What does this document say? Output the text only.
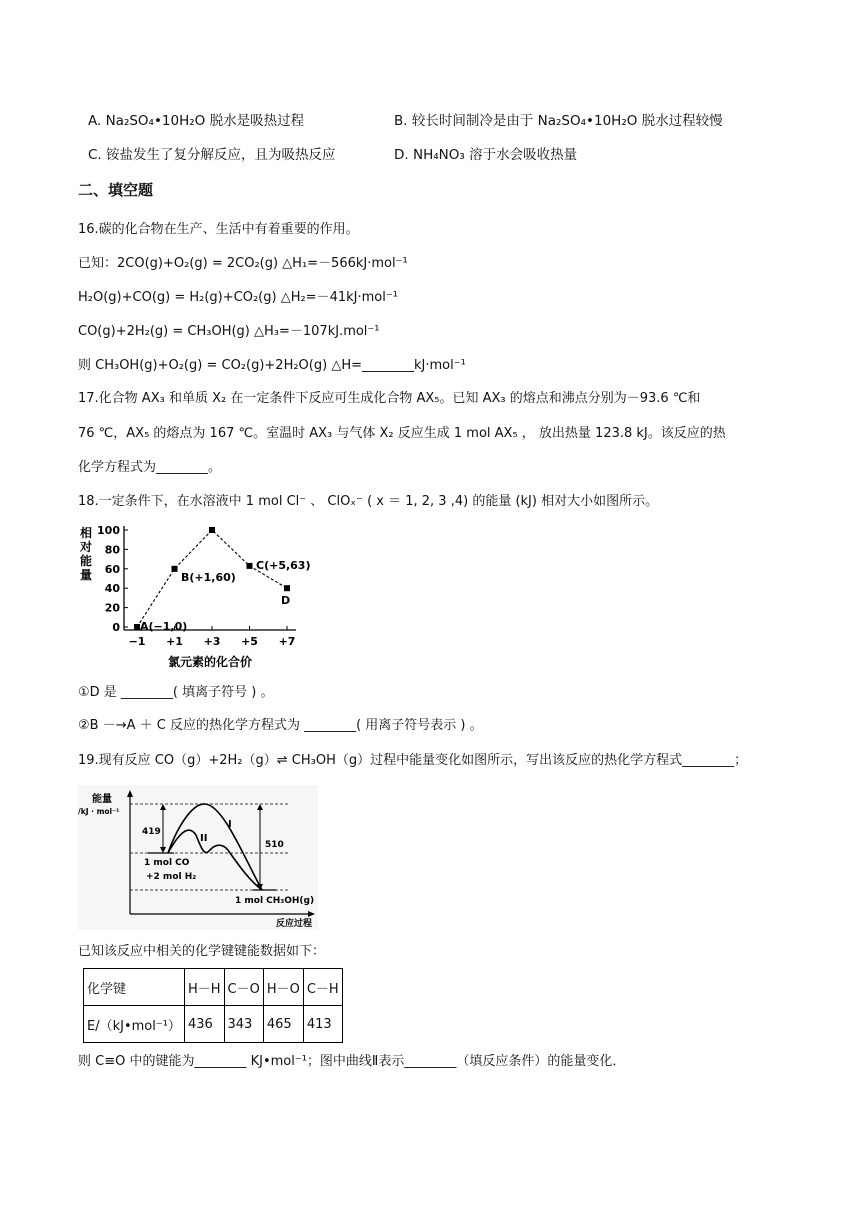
A. Na₂SO₄•10H₂O 脱水是吸热过程	B. 较长时间制冷是由于 Na₂SO₄•10H₂O 脱水过程较慢
C. 铵盐发生了复分解反应，且为吸热反应	D. NH₄NO₃ 溶于水会吸收热量
二、填空题
16.碳的化合物在生产、生活中有着重要的作用。
已知：2CO(g)+O₂(g) = 2CO₂(g) △H₁=－566kJ·mol⁻¹
H₂O(g)+CO(g) = H₂(g)+CO₂(g) △H₂=－41kJ·mol⁻¹
CO(g)+2H₂(g) = CH₃OH(g) △H₃=－107kJ.mol⁻¹
则 CH₃OH(g)+O₂(g) = CO₂(g)+2H₂O(g) △H=________kJ·mol⁻¹
17.化合物 AX₃ 和单质 X₂ 在一定条件下反应可生成化合物 AX₅。已知 AX₃ 的熔点和沸点分别为－93.6 ℃和
76 ℃，AX₅ 的熔点为 167 ℃。室温时 AX₃ 与气体 X₂ 反应生成 1 mol AX₅ ， 放出热量 123.8 kJ。该反应的热
化学方程式为________。
18.一定条件下，在水溶液中 1 mol Cl⁻ 、 ClOₓ⁻ ( x ＝ 1, 2, 3 ,4) 的能量 (kJ) 相对大小如图所示。
相
对
能
量
0
20
40
60
80
100
−1 +1 +3 +5 +7
A(−1,0)
B(+1,60)
C(+5,63)
D
氯元素的化合价
①D 是 ________( 填离子符号 ) 。
②B －→A ＋ C 反应的热化学方程式为 ________( 用离子符号表示 ) 。
19.现有反应 CO（g）+2H₂（g）⇌ CH₃OH（g）过程中能量变化如图所示，写出该反应的热化学方程式________；
能量
/kJ · mol⁻¹
419
510
I
II
1 mol CO
+2 mol H₂
1 mol CH₃OH(g)
反应过程
已知该反应中相关的化学键键能数据如下：
化学键	H－H	C－O	H－O	C－H
E/（kJ•mol⁻¹）	436	343	465	413
则 C≡O 中的键能为________ KJ•mol⁻¹；图中曲线Ⅱ表示________（填反应条件）的能量变化．
